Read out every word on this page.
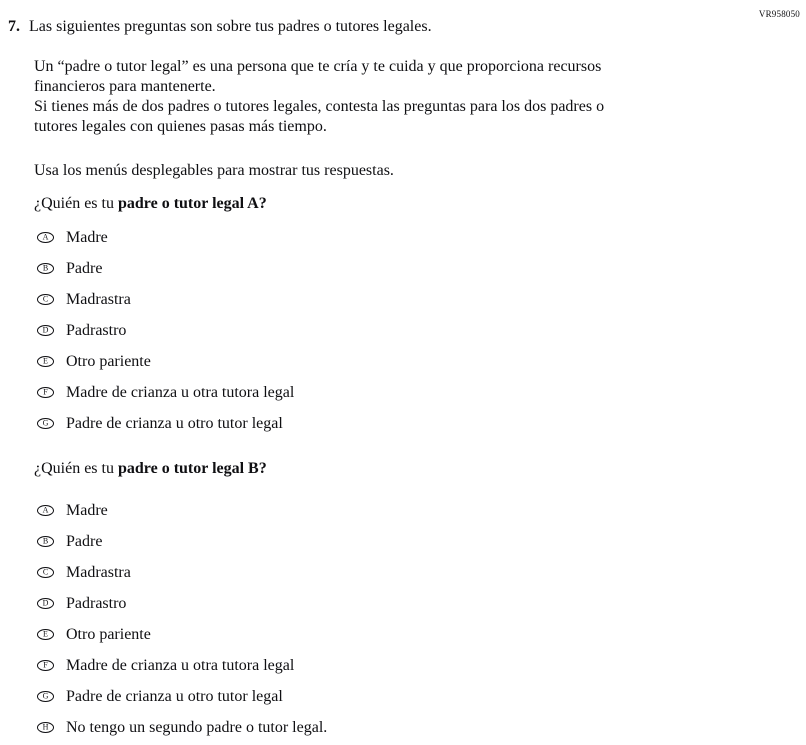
VR958050
7. Las siguientes preguntas son sobre tus padres o tutores legales.
Un “padre o tutor legal” es una persona que te cría y te cuida y que proporciona recursos
financieros para mantenerte.
Si tienes más de dos padres o tutores legales, contesta las preguntas para los dos padres o
tutores legales con quienes pasas más tiempo.
Usa los menús desplegables para mostrar tus respuestas.
¿Quién es tu padre o tutor legal A?
A Madre
B Padre
C Madrastra
D Padrastro
E Otro pariente
F Madre de crianza u otra tutora legal
G Padre de crianza u otro tutor legal
¿Quién es tu padre o tutor legal B?
A Madre
B Padre
C Madrastra
D Padrastro
E Otro pariente
F Madre de crianza u otra tutora legal
G Padre de crianza u otro tutor legal
H No tengo un segundo padre o tutor legal.
